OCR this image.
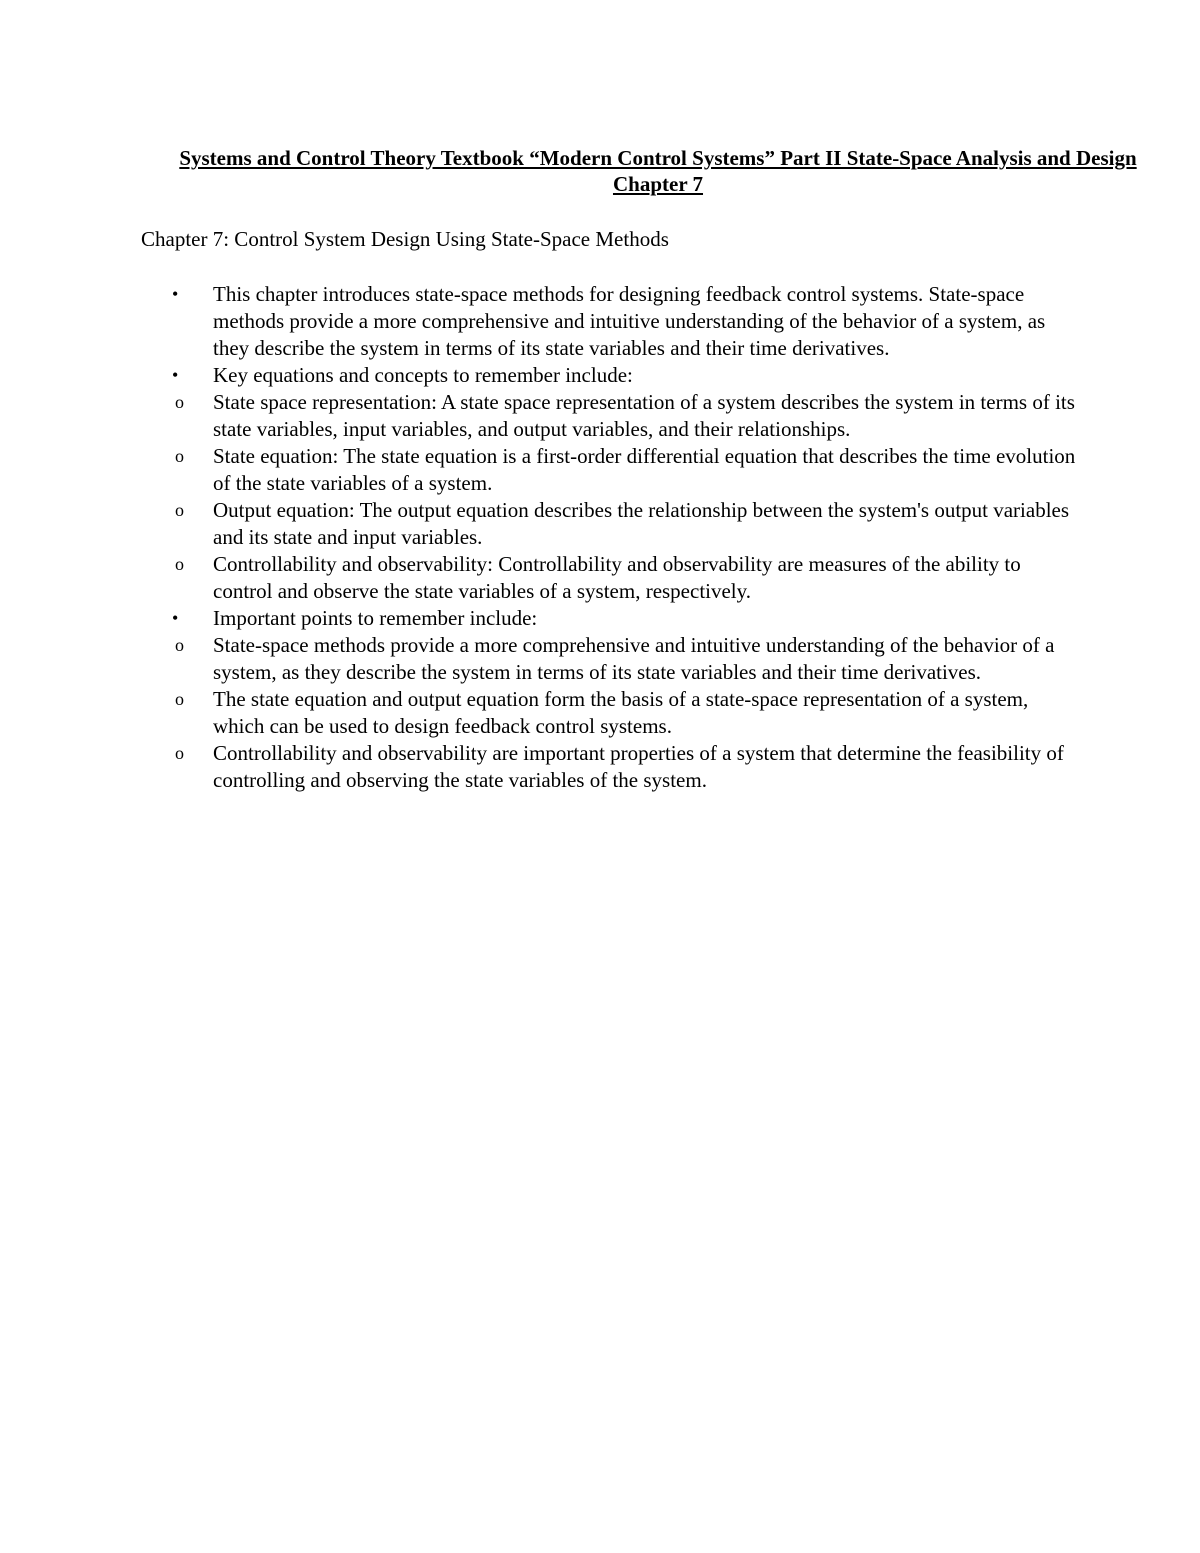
Systems and Control Theory Textbook “Modern Control Systems” Part II State-Space Analysis and Design Chapter 7

Chapter 7: Control System Design Using State-Space Methods

•	This chapter introduces state-space methods for designing feedback control systems. State-space methods provide a more comprehensive and intuitive understanding of the behavior of a system, as they describe the system in terms of its state variables and their time derivatives.
•	Key equations and concepts to remember include:
o State space representation: A state space representation of a system describes the system in terms of its state variables, input variables, and output variables, and their relationships.
o State equation: The state equation is a first-order differential equation that describes the time evolution of the state variables of a system.
o Output equation: The output equation describes the relationship between the system's output variables and its state and input variables.
o Controllability and observability: Controllability and observability are measures of the ability to control and observe the state variables of a system, respectively.
•	Important points to remember include:
o State-space methods provide a more comprehensive and intuitive understanding of the behavior of a system, as they describe the system in terms of its state variables and their time derivatives.
o The state equation and output equation form the basis of a state-space representation of a system, which can be used to design feedback control systems.
o Controllability and observability are important properties of a system that determine the feasibility of controlling and observing the state variables of the system.
